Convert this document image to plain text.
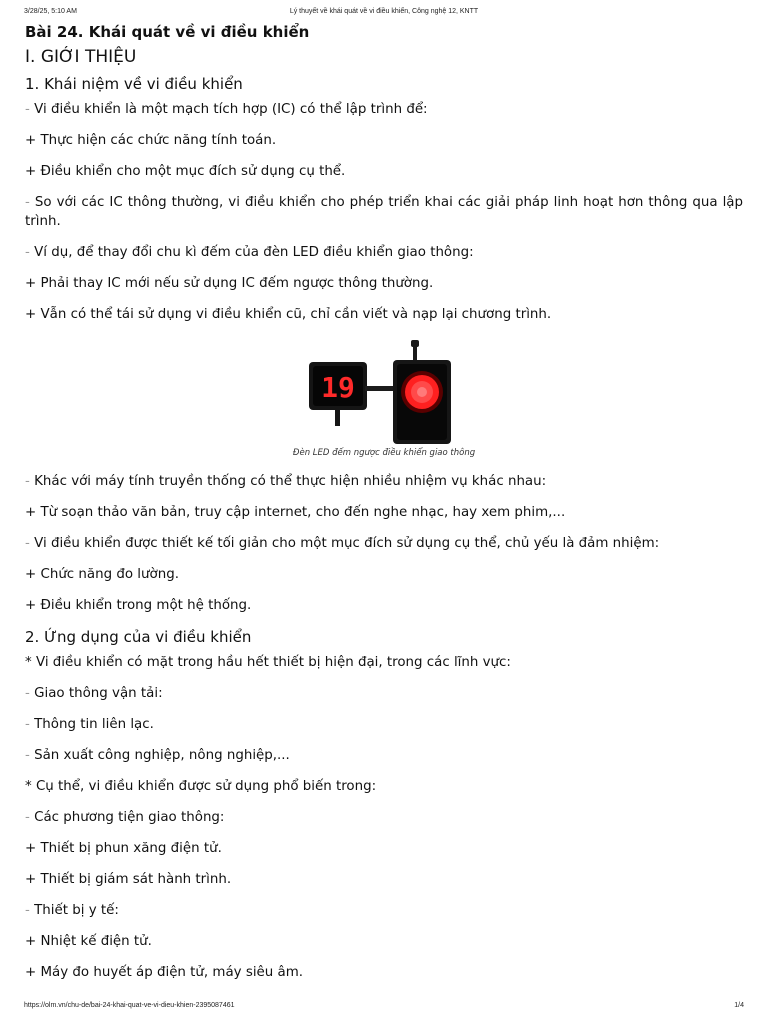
3/28/25, 5:10 AM	Lý thuyết về khái quát về vi điều khiển, Công nghệ 12, KNTT
Bài 24. Khái quát về vi điều khiển
I. GIỚI THIỆU
1. Khái niệm về vi điều khiển

- Vi điều khiển là một mạch tích hợp (IC) có thể lập trình để:

+ Thực hiện các chức năng tính toán.

+ Điều khiển cho một mục đích sử dụng cụ thể.

- So với các IC thông thường, vi điều khiển cho phép triển khai các giải pháp linh hoạt hơn thông qua lập trình.

- Ví dụ, để thay đổi chu kì đếm của đèn LED điều khiển giao thông:

+ Phải thay IC mới nếu sử dụng IC đếm ngược thông thường.

+ Vẫn có thể tái sử dụng vi điều khiển cũ, chỉ cần viết và nạp lại chương trình.

19
Đèn LED đếm ngược điều khiển giao thông

- Khác với máy tính truyền thống có thể thực hiện nhiều nhiệm vụ khác nhau:

+ Từ soạn thảo văn bản, truy cập internet, cho đến nghe nhạc, hay xem phim,...

- Vi điều khiển được thiết kế tối giản cho một mục đích sử dụng cụ thể, chủ yếu là đảm nhiệm:

+ Chức năng đo lường.

+ Điều khiển trong một hệ thống.

2. Ứng dụng của vi điều khiển

* Vi điều khiển có mặt trong hầu hết thiết bị hiện đại, trong các lĩnh vực:

- Giao thông vận tải:

- Thông tin liên lạc.

- Sản xuất công nghiệp, nông nghiệp,...

* Cụ thể, vi điều khiển được sử dụng phổ biến trong:

- Các phương tiện giao thông:

+ Thiết bị phun xăng điện tử.

+ Thiết bị giám sát hành trình.

- Thiết bị y tế:

+ Nhiệt kế điện tử.

+ Máy đo huyết áp điện tử, máy siêu âm.

https://olm.vn/chu-de/bai-24-khai-quat-ve-vi-dieu-khien-2395087461	1/4
